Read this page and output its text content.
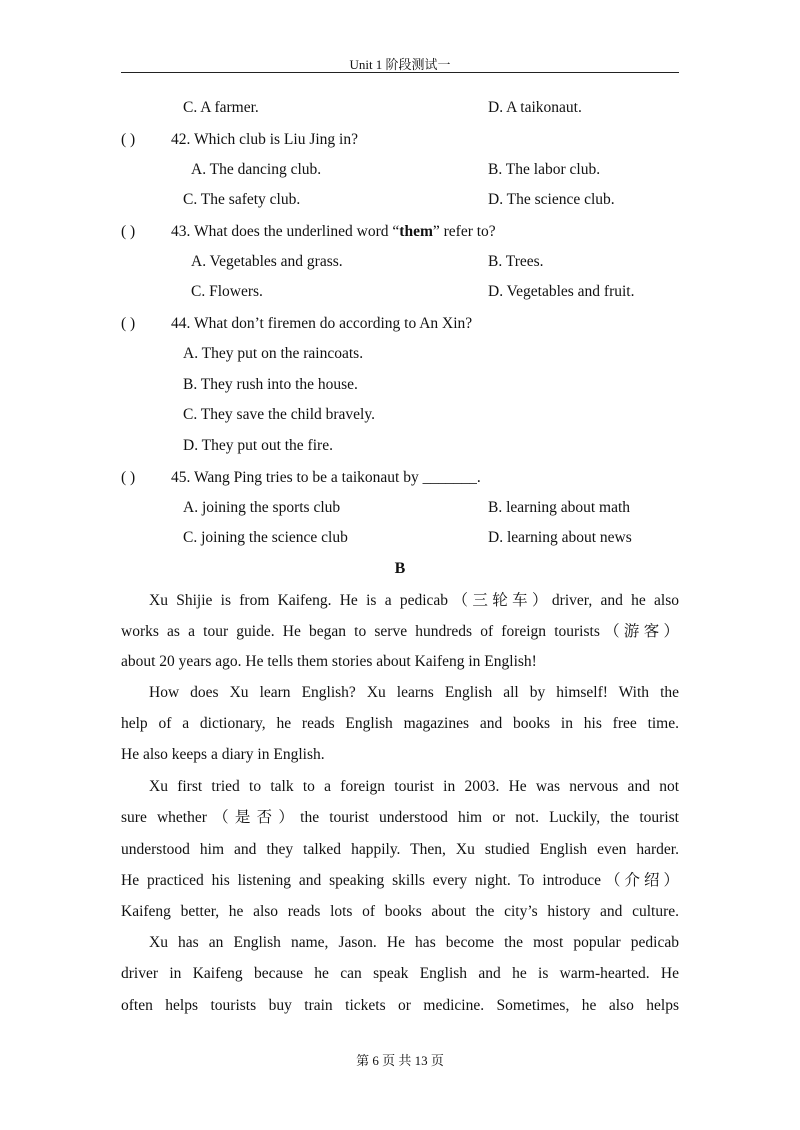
Unit 1 阶段测试一
C. A farmer.	D. A taikonaut.
( ) 42. Which club is Liu Jing in?
A. The dancing club.	B. The labor club.
C. The safety club.	D. The science club.
( ) 43. What does the underlined word “them” refer to?
A. Vegetables and grass.	B. Trees.
C. Flowers.	D. Vegetables and fruit.
( ) 44. What don’t firemen do according to An Xin?
A. They put on the raincoats.
B. They rush into the house.
C. They save the child bravely.
D. They put out the fire.
( ) 45. Wang Ping tries to be a taikonaut by _______.
A. joining the sports club	B. learning about math
C. joining the science club	D. learning about news
B
Xu Shijie is from Kaifeng. He is a pedicab（三轮车）driver, and he also
works as a tour guide. He began to serve hundreds of foreign tourists（游客）
about 20 years ago. He tells them stories about Kaifeng in English!
How does Xu learn English? Xu learns English all by himself! With the
help of a dictionary, he reads English magazines and books in his free time.
He also keeps a diary in English.
Xu first tried to talk to a foreign tourist in 2003. He was nervous and not
sure whether（是否）the tourist understood him or not. Luckily, the tourist
understood him and they talked happily. Then, Xu studied English even harder.
He practiced his listening and speaking skills every night. To introduce（介绍）
Kaifeng better, he also reads lots of books about the city’s history and culture.
Xu has an English name, Jason. He has become the most popular pedicab
driver in Kaifeng because he can speak English and he is warm-hearted. He
often helps tourists buy train tickets or medicine. Sometimes, he also helps
第 6 页 共 13 页
